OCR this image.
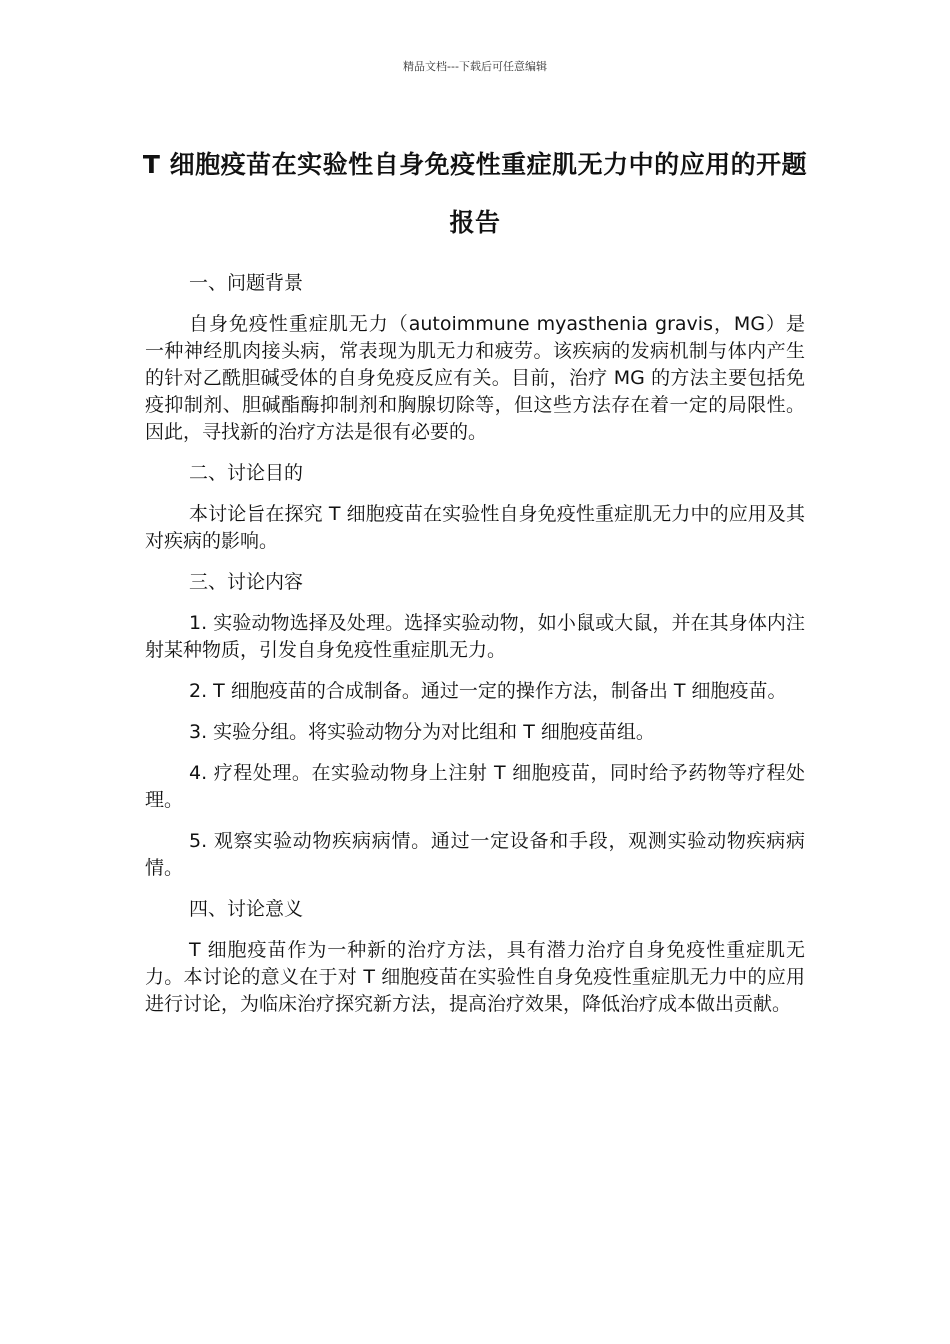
精品文档---下载后可任意编辑
T 细胞疫苗在实验性自身免疫性重症肌无力中的应用的开题报告

一、问题背景

自身免疫性重症肌无力（autoimmune myasthenia gravis，MG）是一种神经肌肉接头病，常表现为肌无力和疲劳。该疾病的发病机制与体内产生的针对乙酰胆碱受体的自身免疫反应有关。目前，治疗 MG 的方法主要包括免疫抑制剂、胆碱酯酶抑制剂和胸腺切除等，但这些方法存在着一定的局限性。因此，寻找新的治疗方法是很有必要的。

二、讨论目的

本讨论旨在探究 T 细胞疫苗在实验性自身免疫性重症肌无力中的应用及其对疾病的影响。

三、讨论内容

1. 实验动物选择及处理。选择实验动物，如小鼠或大鼠，并在其身体内注射某种物质，引发自身免疫性重症肌无力。

2. T 细胞疫苗的合成制备。通过一定的操作方法，制备出 T 细胞疫苗。

3. 实验分组。将实验动物分为对比组和 T 细胞疫苗组。

4. 疗程处理。在实验动物身上注射 T 细胞疫苗，同时给予药物等疗程处理。

5. 观察实验动物疾病病情。通过一定设备和手段，观测实验动物疾病病情。

四、讨论意义

T 细胞疫苗作为一种新的治疗方法，具有潜力治疗自身免疫性重症肌无力。本讨论的意义在于对 T 细胞疫苗在实验性自身免疫性重症肌无力中的应用进行讨论，为临床治疗探究新方法，提高治疗效果，降低治疗成本做出贡献。
